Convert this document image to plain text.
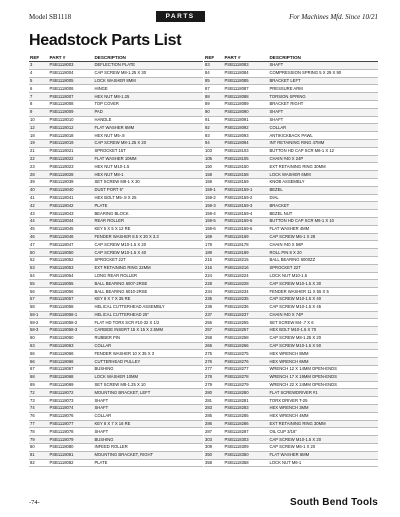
Model SB1118	PARTS	For Machines Mfd. Since 10/21
Headstock Parts List
REF	PART #	DESCRIPTION
3	PSB1118003	DEFLECTION PLATE
4	PSB1118004	CAP SCREW M8-1.25 X 30
5	PSB1118005	LOCK WASHER 8MM
6	PSB1118006	HINGE
7	PSB1118007	HEX NUT M8-1.25
8	PSB1118008	TOP COVER
9	PSB1118009	PAD
10	PSB1118010	HANDLE
12	PSB1118012	FLAT WASHER 6MM
18	PSB1118018	HEX NUT M5-.8
19	PSB1118019	CAP SCREW M8-1.25 X 20
21	PSB1118021	SPROCKET 15T
22	PSB1118022	FLAT WASHER 10MM
23	PSB1118023	HEX NUT M10-1.5
28	PSB1118028	HEX NUT M8-1
39	PSB1118039	SET SCREW M8-1 X 30
40	PSB1118040	DUST PORT 6"
41	PSB1118041	HEX BOLT M5-.8 X 25
42	PSB1118042	PLATE
43	PSB1118043	BEARING BLOCK
44	PSB1118044	REAR ROLLER
45	PSB1118045	KEY 5 X 5 X 12 RE
46	PSB1118046	FENDER WASHER 8.5 X 30 X 3.3
47	PSB1118047	CAP SCREW M10-1.5 X 20
50	PSB1118050	CAP SCREW M10-1.5 X 40
52	PSB1118052	SPROCKET 22T
53	PSB1118053	EXT RETAINING RING 22MM
54	PSB1118054	LONG REAR ROLLER
55	PSB1118055	BALL BEARING 6007-2RSE
56	PSB1118056	BALL BEARING 6010-2RSE
57	PSB1118057	KEY 8 X 7 X 35 RE
58	PSB1118058	HELICAL CUTTERHEAD ASSEMBLY
58-1	PSB1118058-1	HELICAL CUTTERHEAD 25"
58-2	PSB1118058-2	FLAT HD TORX SCR #10-32 X 1/2
58-3	PSB1118058-3	CARBIDE INSERT 15 X 15 X 2.5MM
60	PSB1118060	RUBBER PIN
63	PSB1118063	COLLAR
66	PSB1118066	FENDER WASHER 10 X 35 X 3
66	PSB1118066	CUTTERHEAD PULLEY
67	PSB1118067	BUSHING
68	PSB1118068	LOCK WASHER 10MM
69	PSB1118069	SET SCREW M8-1.25 X 10
72	PSB1118072	MOUNTING BRACKET, LEFT
73	PSB1118073	SHAFT
74	PSB1118074	SHAFT
76	PSB1118076	COLLAR
77	PSB1118077	KEY 8 X 7 X 16 RE
78	PSB1118078	SHAFT
79	PSB1118079	BUSHING
80	PSB1118080	INFEED ROLLER
81	PSB1118081	MOUNTING BRACKET, RIGHT
82	PSB1118082	PLATE
REF	PART #	DESCRIPTION
83	PSB1118083	SHAFT
84	PSB1118084	COMPRESSION SPRING 5 X 29 X 90
85	PSB1118085	BRACKET LEFT
87	PSB1118087	PRESSURE ARM
88	PSB1118088	TORSION SPRING
89	PSB1118089	BRACKET RIGHT
90	PSB1118090	SHAFT
91	PSB1118091	SHAFT
92	PSB1118092	COLLAR
93	PSB1118093	ANTIKICKBACK PAWL
94	PSB1118094	INT RETAINING RING 47MM
103	PSB1118103	BUTTON HD CAP SCR M6-1 X 12
105	PSB1118105	CHAIN #40 X 24P
150	PSB1118150	EXT RETAINING RING 30MM
158	PSB1118158	LOCK WASHER 6MM
159	PSB1118159	KNOB ASSEMBLY
159-1	PSB1118159-1	BEZEL
159-2	PSB1118159-2	DIAL
159-3	PSB1118159-3	BRACKET
159-4	PSB1118159-4	BEZEL NUT
159-5	PSB1118159-5	BUTTON HD CAP SCR M6-1 X 10
159-6	PSB1118159-6	FLAT WASHER 4MM
169	PSB1118169	CAP SCREW M6-1 X 28
178	PSB1118178	CHAIN #40 X 56P
189	PSB1118189	ROLL PIN 8 X 20
215	PSB1118215	BALL BEARING 6000ZZ
216	PSB1118216	SPROCKET 22T
224	PSB1118224	LOCK NUT M10-1.5
228	PSB1118228	CAP SCREW M10-1.5 X 30
234	PSB1118234	FENDER WASHER 11 X 55 X 5
235	PSB1118235	CAP SCREW M10-1.5 X 40
236	PSB1118236	CAP SCREW M10-1.5 X 45
237	PSB1118237	CHAIN #40 X 74P
255	PSB1118255	SET SCREW M4-.7 X 6
257	PSB1118257	HEX BOLT M10-1.5 X 70
258	PSB1118258	CAP SCREW M8-1.25 X 20
266	PSB1118266	CAP SCREW M10-1.5 X 50
275	PSB1118275	HEX WRENCH 8MM
276	PSB1118276	HEX WRENCH 6MM
277	PSB1118277	WRENCH 12 X 14MM OPEN-ENDS
278	PSB1118278	WRENCH 17 X 19MM OPEN-ENDS
279	PSB1118279	WRENCH 22 X 24MM OPEN-ENDS
280	PSB1118280	FLAT SCREWDRIVER #1
281	PSB1118281	TORX DRIVER T-25
283	PSB1118283	HEX WRENCH 3MM
285	PSB1118285	HEX WRENCH 4MM
286	PSB1118286	EXT RETAINING RING 30MM
287	PSB1118287	OIL CUP 3/16"
303	PSB1118303	CAP SCREW M10-1.5 X 20
309	PSB1118309	CAP SCREW M6-1 X 20
350	PSB1118350	FLAT WASHER 6MM
358	PSB1118358	LOCK NUT M6-1
-74-	South Bend Tools
